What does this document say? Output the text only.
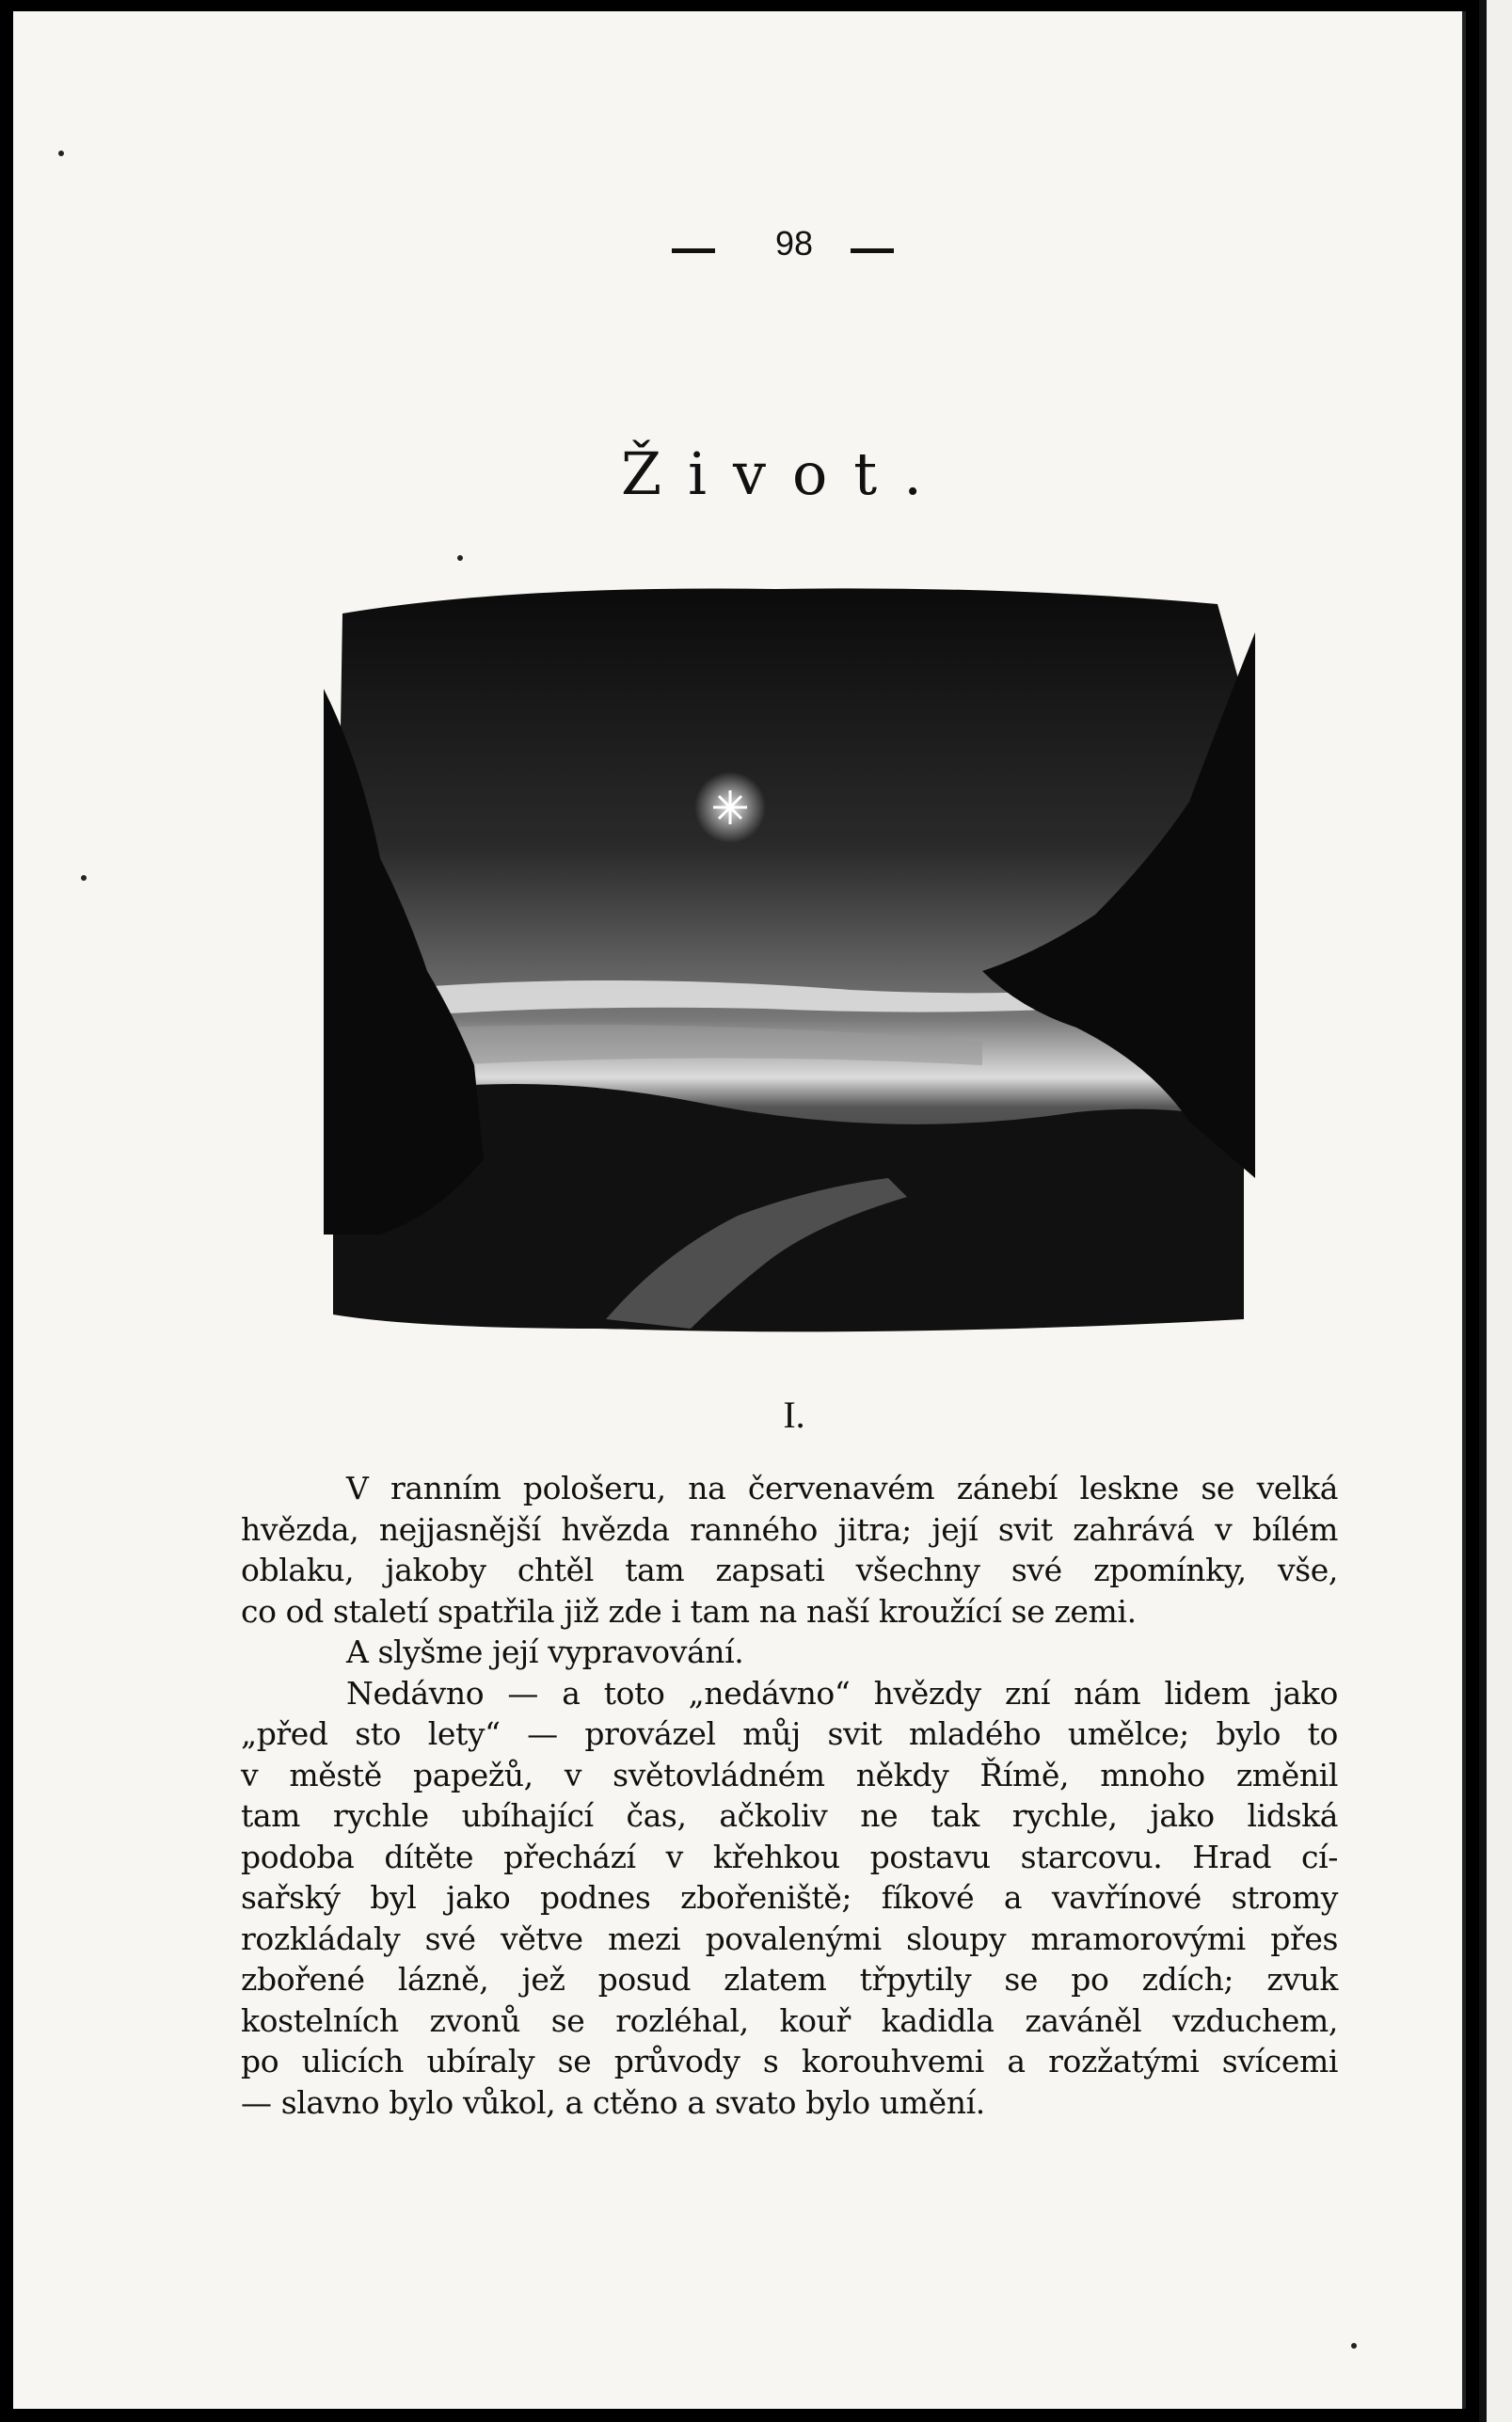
98
Život.
I.
V ranním pološeru, na červenavém zánebí leskne se velká
hvězda, nejjasnější hvězda ranného jitra; její svit zahrává v bílém
oblaku, jakoby chtěl tam zapsati všechny své zpomínky, vše,
co od staletí spatřila již zde i tam na naší kroužící se zemi.
A slyšme její vypravování.
Nedávno — a toto „nedávno“ hvězdy zní nám lidem jako
„před sto lety“ — provázel můj svit mladého umělce; bylo to
v městě papežů, v světovládném někdy Římě, mnoho změnil
tam rychle ubíhající čas, ačkoliv ne tak rychle, jako lidská
podoba dítěte přechází v křehkou postavu starcovu. Hrad cí-
sařský byl jako podnes zbořeniště; fíkové a vavřínové stromy
rozkládaly své větve mezi povalenými sloupy mramorovými přes
zbořené lázně, jež posud zlatem třpytily se po zdích; zvuk
kostelních zvonů se rozléhal, kouř kadidla zaváněl vzduchem,
po ulicích ubíraly se průvody s korouhvemi a rozžatými svícemi
— slavno bylo vůkol, a ctěno a svato bylo umění.
